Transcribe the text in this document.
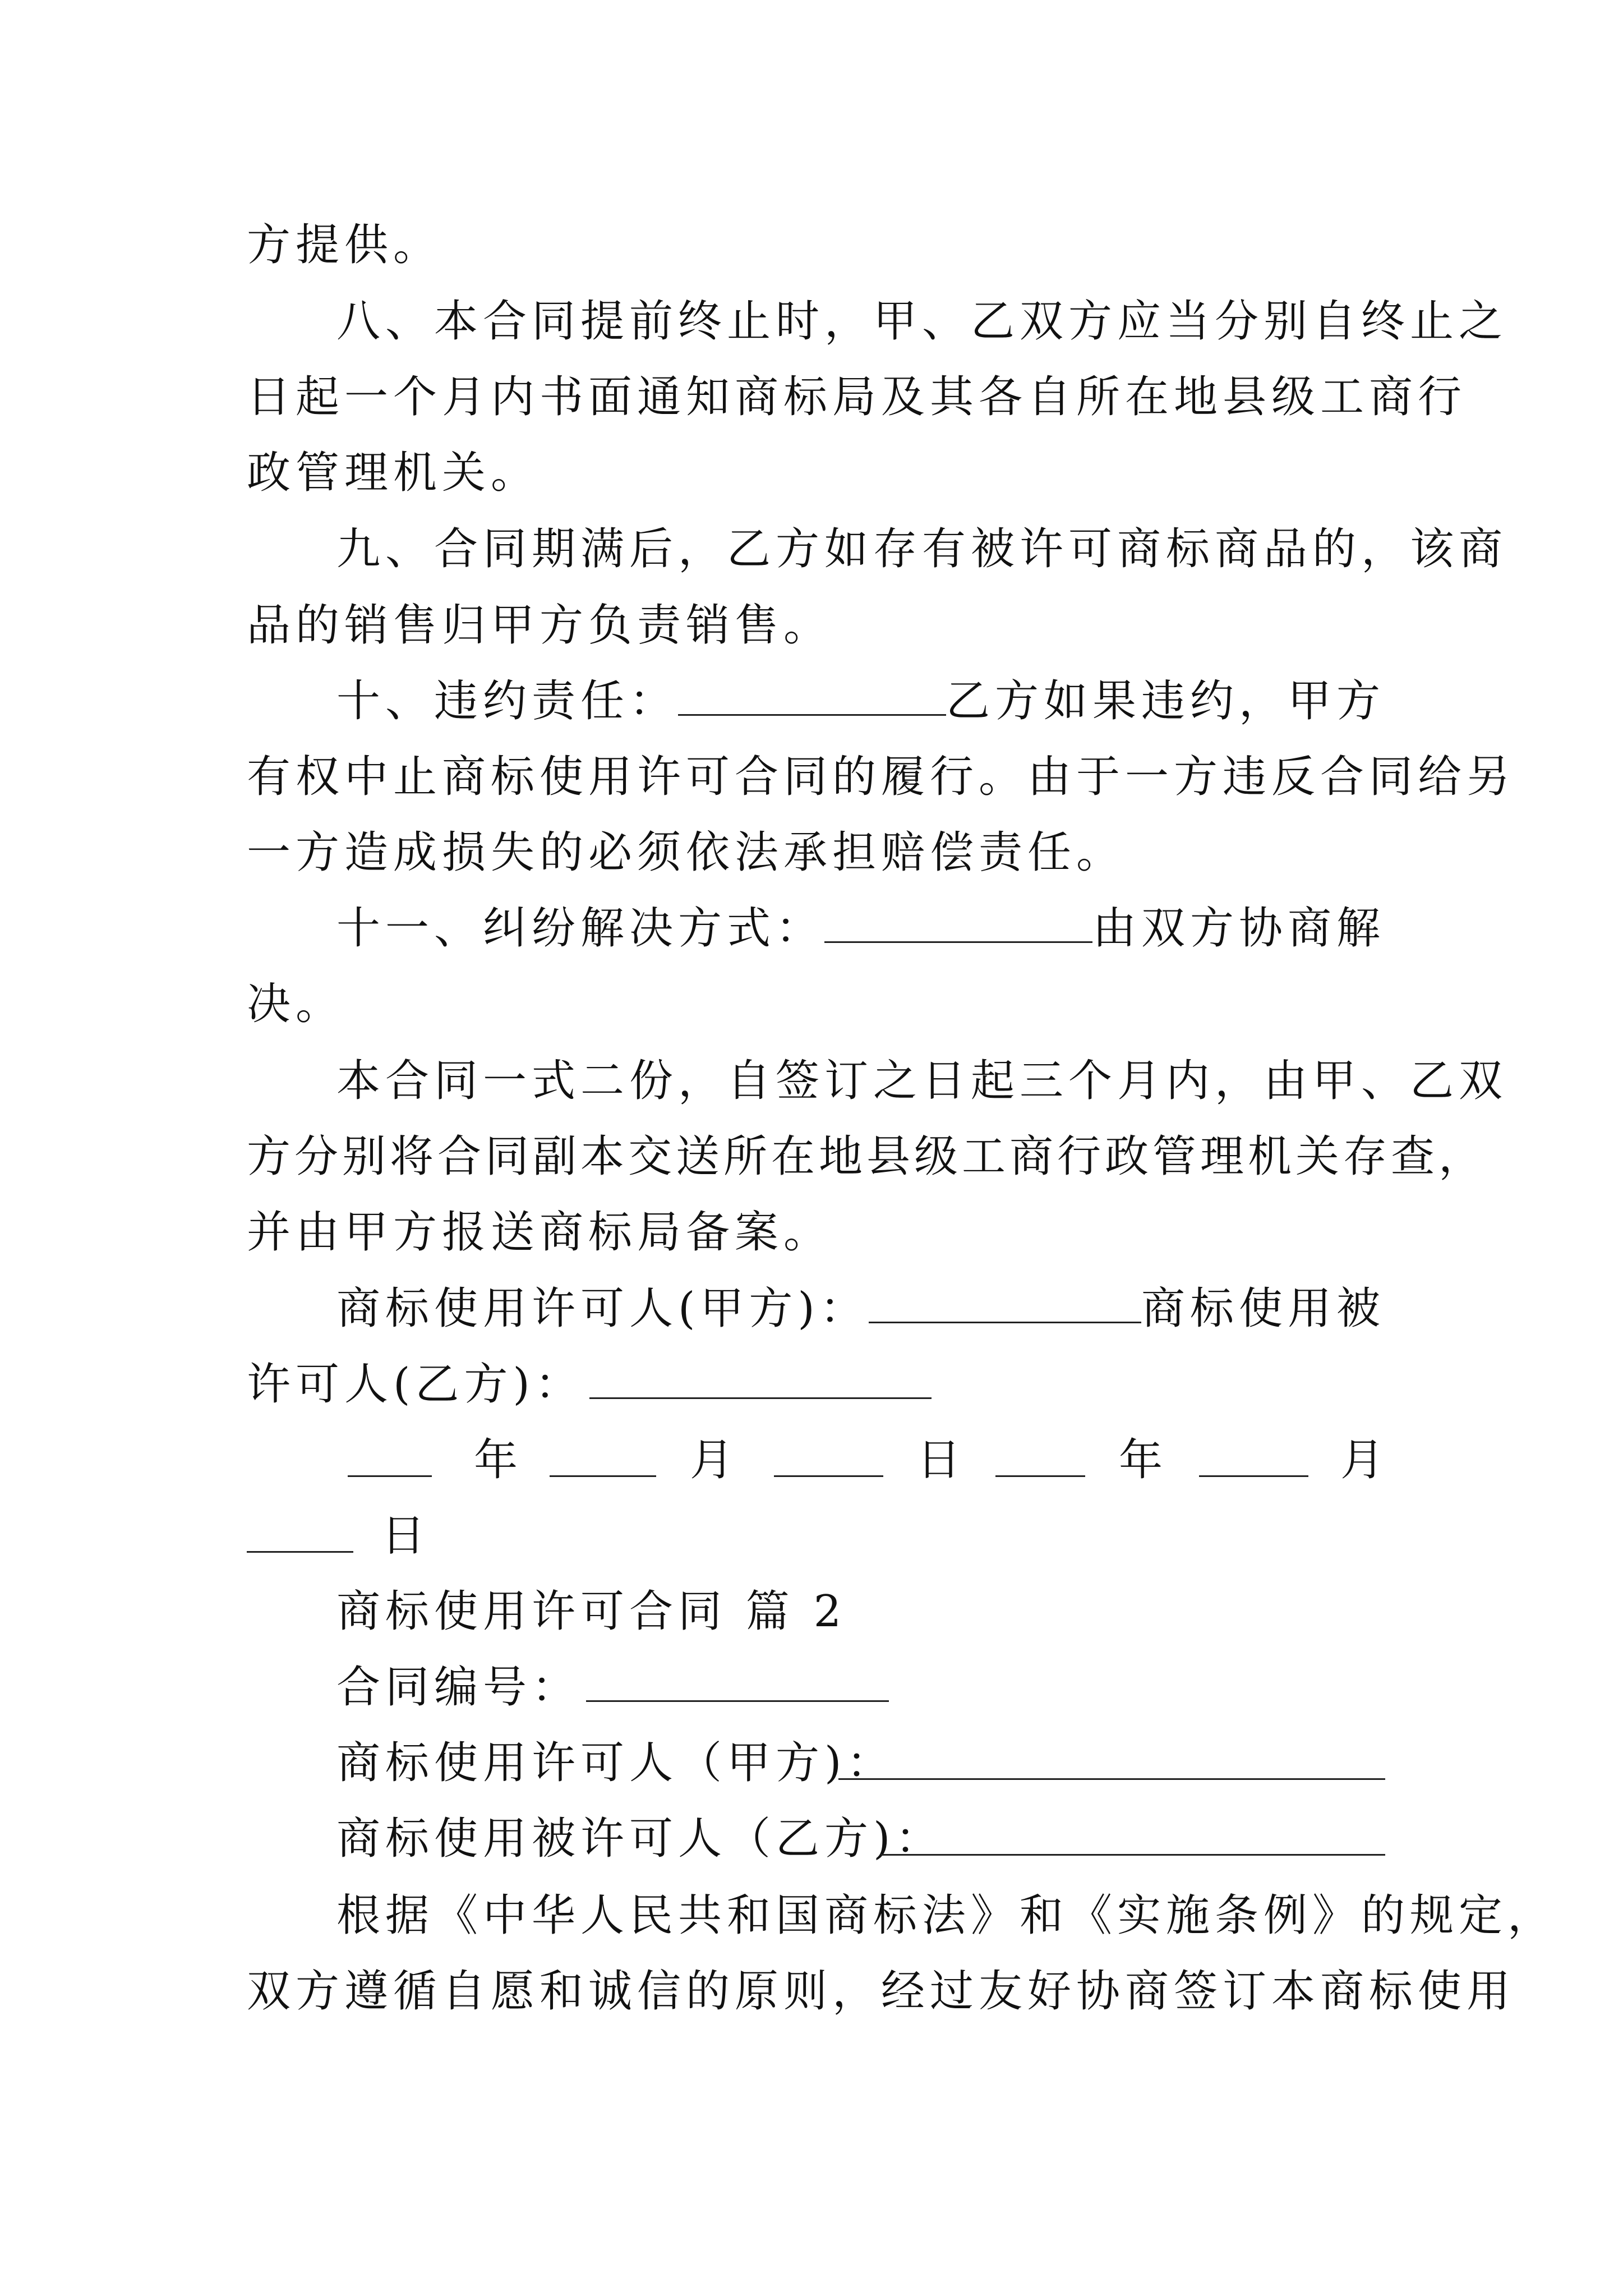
方提供。
八、本合同提前终止时，甲、乙双方应当分别自终止之
日起一个月内书面通知商标局及其各自所在地县级工商行
政管理机关。
九、合同期满后，乙方如存有被许可商标商品的，该商
品的销售归甲方负责销售。
十、违约责任：	乙方如果违约，甲方
有权中止商标使用许可合同的履行。由于一方违反合同给另
一方造成损失的必须依法承担赔偿责任。
十一、纠纷解决方式：	由双方协商解
决。
本合同一式二份，自签订之日起三个月内，由甲、乙双
方分别将合同副本交送所在地县级工商行政管理机关存查，
并由甲方报送商标局备案。
商标使用许可人(甲方)：	商标使用被
许可人(乙方)：
年	月	日	年	月
日
商标使用许可合同 篇 2
合同编号：
商标使用许可人（甲方)：
商标使用被许可人（乙方)：
根据《中华人民共和国商标法》和《实施条例》的规定，
双方遵循自愿和诚信的原则，经过友好协商签订本商标使用
